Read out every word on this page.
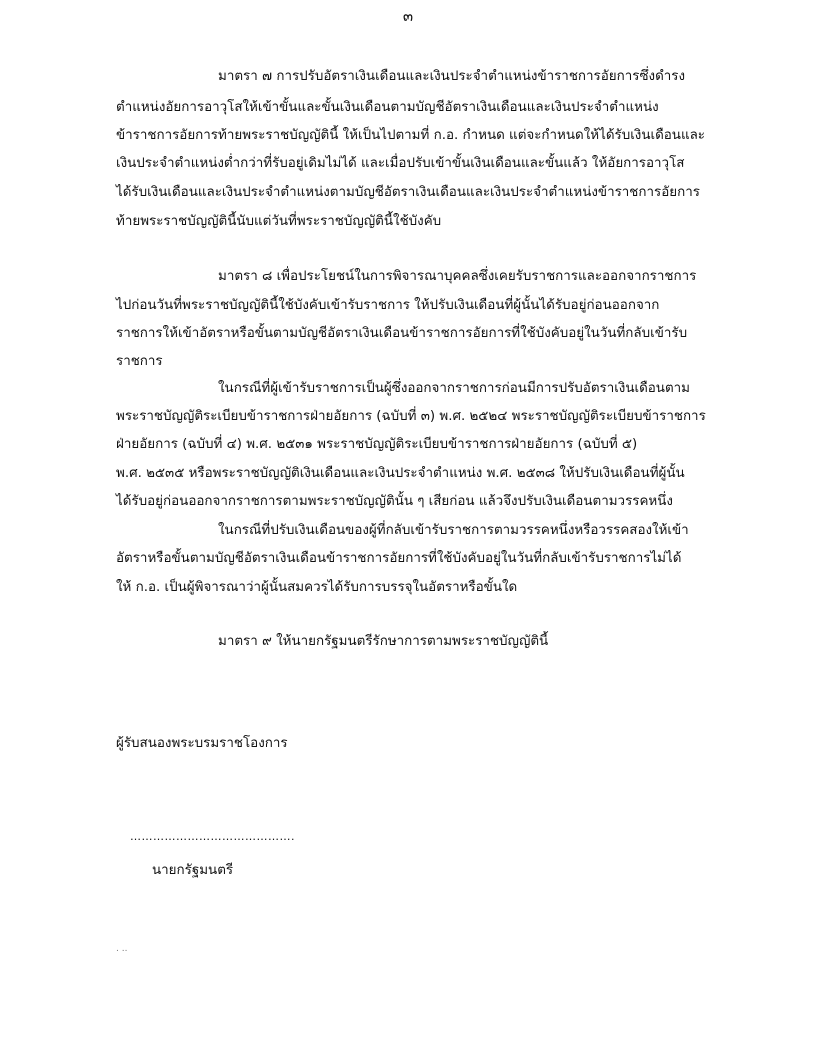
๓
มาตรา ๗ การปรับอัตราเงินเดือนและเงินประจำตำแหน่งข้าราชการอัยการซึ่งดำรง
ตำแหน่งอัยการอาวุโสให้เข้าขั้นและขั้นเงินเดือนตามบัญชีอัตราเงินเดือนและเงินประจำตำแหน่ง
ข้าราชการอัยการท้ายพระราชบัญญัตินี้ ให้เป็นไปตามที่ ก.อ. กำหนด แต่จะกำหนดให้ได้รับเงินเดือนและ
เงินประจำตำแหน่งต่ำกว่าที่รับอยู่เดิมไม่ได้ และเมื่อปรับเข้าขั้นเงินเดือนและขั้นแล้ว ให้อัยการอาวุโส
ได้รับเงินเดือนและเงินประจำตำแหน่งตามบัญชีอัตราเงินเดือนและเงินประจำตำแหน่งข้าราชการอัยการ
ท้ายพระราชบัญญัตินี้นับแต่วันที่พระราชบัญญัตินี้ใช้บังคับ
มาตรา ๘ เพื่อประโยชน์ในการพิจารณาบุคคลซึ่งเคยรับราชการและออกจากราชการ
ไปก่อนวันที่พระราชบัญญัตินี้ใช้บังคับเข้ารับราชการ ให้ปรับเงินเดือนที่ผู้นั้นได้รับอยู่ก่อนออกจาก
ราชการให้เข้าอัตราหรือขั้นตามบัญชีอัตราเงินเดือนข้าราชการอัยการที่ใช้บังคับอยู่ในวันที่กลับเข้ารับ
ราชการ
ในกรณีที่ผู้เข้ารับราชการเป็นผู้ซึ่งออกจากราชการก่อนมีการปรับอัตราเงินเดือนตาม
พระราชบัญญัติระเบียบข้าราชการฝ่ายอัยการ (ฉบับที่ ๓) พ.ศ. ๒๕๒๔ พระราชบัญญัติระเบียบข้าราชการ
ฝ่ายอัยการ (ฉบับที่ ๔) พ.ศ. ๒๕๓๑ พระราชบัญญัติระเบียบข้าราชการฝ่ายอัยการ (ฉบับที่ ๕)
พ.ศ. ๒๕๓๕ หรือพระราชบัญญัติเงินเดือนและเงินประจำตำแหน่ง พ.ศ. ๒๕๓๘ ให้ปรับเงินเดือนที่ผู้นั้น
ได้รับอยู่ก่อนออกจากราชการตามพระราชบัญญัตินั้น ๆ เสียก่อน แล้วจึงปรับเงินเดือนตามวรรคหนึ่ง
ในกรณีที่ปรับเงินเดือนของผู้ที่กลับเข้ารับราชการตามวรรคหนึ่งหรือวรรคสองให้เข้า
อัตราหรือขั้นตามบัญชีอัตราเงินเดือนข้าราชการอัยการที่ใช้บังคับอยู่ในวันที่กลับเข้ารับราชการไม่ได้
ให้ ก.อ. เป็นผู้พิจารณาว่าผู้นั้นสมควรได้รับการบรรจุในอัตราหรือขั้นใด
มาตรา ๙ ให้นายกรัฐมนตรีรักษาการตามพระราชบัญญัตินี้
ผู้รับสนองพระบรมราชโองการ
…………………………………….
นายกรัฐมนตรี
. ..
